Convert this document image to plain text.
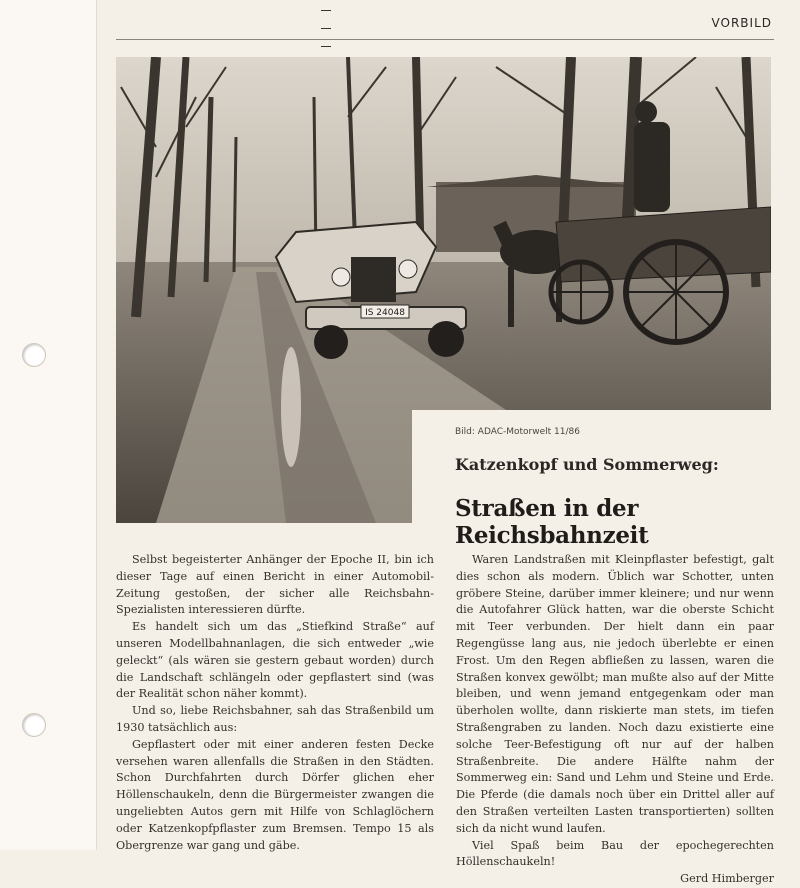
VORBILD
IS 24048
Bild: ADAC-Motorwelt 11/86
Katzenkopf und Sommerweg:
Straßen in der Reichsbahnzeit

Selbst begeisterter Anhänger der Epoche II, bin ich dieser Tage auf einen Bericht in einer Automobil-Zeitung gestoßen, der sicher alle Reichsbahn-Spezialisten interessieren dürfte.

Es handelt sich um das „Stiefkind Straße“ auf unseren Modellbahnanlagen, die sich entweder „wie geleckt“ (als wären sie gestern gebaut worden) durch die Landschaft schlängeln oder gepflastert sind (was der Realität schon näher kommt).

Und so, liebe Reichsbahner, sah das Straßenbild um 1930 tatsächlich aus:

Gepflastert oder mit einer anderen festen Decke versehen waren allenfalls die Straßen in den Städten. Schon Durchfahrten durch Dörfer glichen eher Höllenschaukeln, denn die Bürgermeister zwangen die ungeliebten Autos gern mit Hilfe von Schlaglöchern oder Katzenkopfpflaster zum Bremsen. Tempo 15 als Obergrenze war gang und gäbe.

Waren Landstraßen mit Kleinpflaster befestigt, galt dies schon als modern. Üblich war Schotter, unten gröbere Steine, darüber immer kleinere; und nur wenn die Autofahrer Glück hatten, war die oberste Schicht mit Teer verbunden. Der hielt dann ein paar Regengüsse lang aus, nie jedoch überlebte er einen Frost. Um den Regen abfließen zu lassen, waren die Straßen konvex gewölbt; man mußte also auf der Mitte bleiben, und wenn jemand entgegenkam oder man überholen wollte, dann riskierte man stets, im tiefen Straßengraben zu landen. Noch dazu existierte eine solche Teer-Befestigung oft nur auf der halben Straßenbreite. Die andere Hälfte nahm der Sommerweg ein: Sand und Lehm und Steine und Erde. Die Pferde (die damals noch über ein Drittel aller auf den Straßen verteilten Lasten transportierten) sollten sich da nicht wund laufen.

Viel Spaß beim Bau der epochegerechten Höllenschaukeln!

Gerd Himberger
